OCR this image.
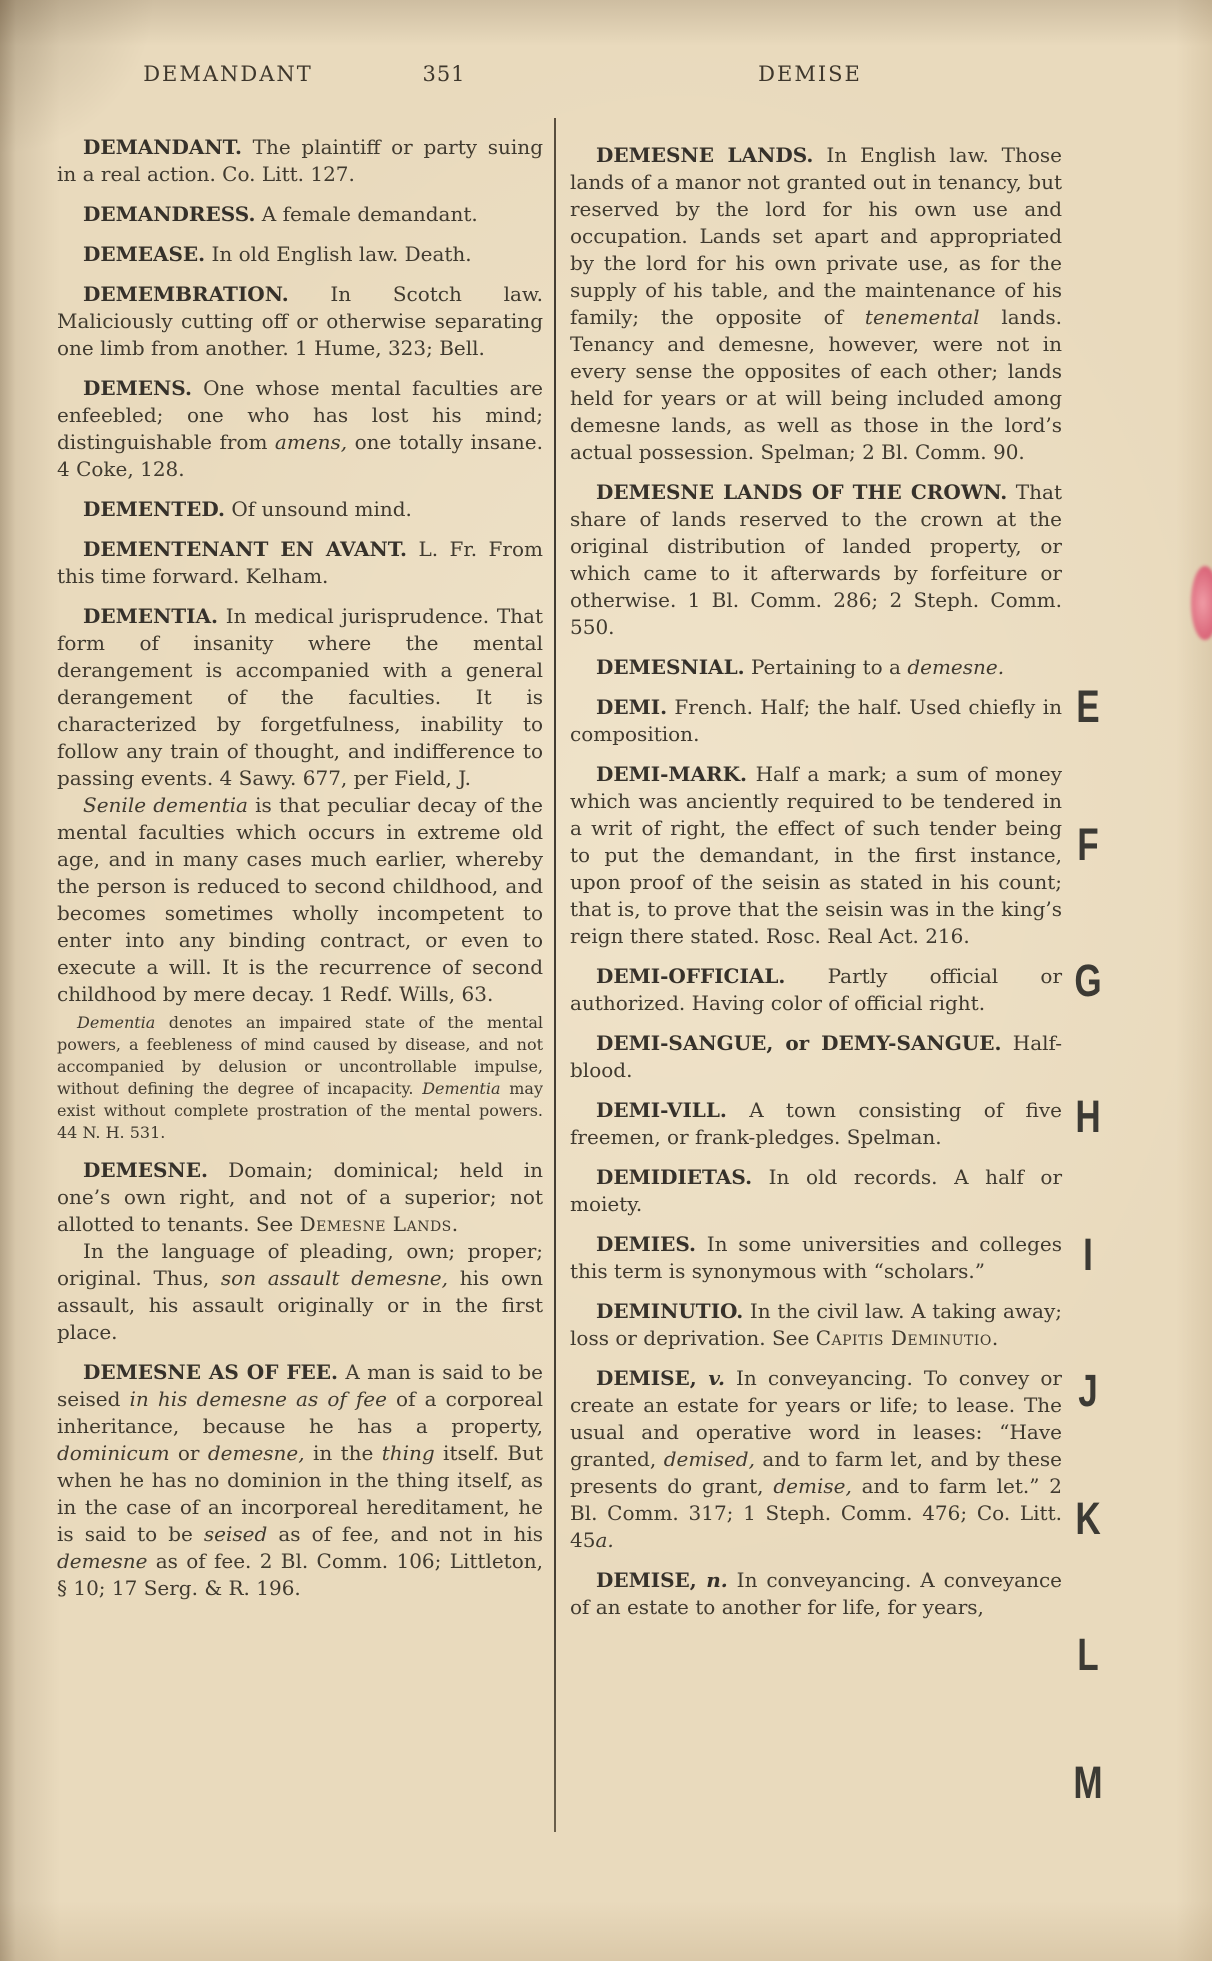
DEMANDANT	351	DEMISE

DEMANDANT. The plaintiff or party suing in a real action. Co. Litt. 127.

DEMANDRESS. A female demandant.

DEMEASE. In old English law. Death.

DEMEMBRATION. In Scotch law. Maliciously cutting off or otherwise separating one limb from another. 1 Hume, 323; Bell.

DEMENS. One whose mental faculties are enfeebled; one who has lost his mind; distinguishable from amens, one totally insane. 4 Coke, 128.

DEMENTED. Of unsound mind.

DEMENTENANT EN AVANT. L. Fr. From this time forward. Kelham.

DEMENTIA. In medical jurisprudence. That form of insanity where the mental derangement is accompanied with a general derangement of the faculties. It is characterized by forgetfulness, inability to follow any train of thought, and indifference to passing events. 4 Sawy. 677, per Field, J.

Senile dementia is that peculiar decay of the mental faculties which occurs in extreme old age, and in many cases much earlier, whereby the person is reduced to second childhood, and becomes sometimes wholly incompetent to enter into any binding contract, or even to execute a will. It is the recurrence of second childhood by mere decay. 1 Redf. Wills, 63.

Dementia denotes an impaired state of the mental powers, a feebleness of mind caused by disease, and not accompanied by delusion or uncontrollable impulse, without defining the degree of incapacity. Dementia may exist without complete prostration of the mental powers. 44 N. H. 531.

DEMESNE. Domain; dominical; held in one’s own right, and not of a superior; not allotted to tenants. See Demesne Lands.

In the language of pleading, own; proper; original. Thus, son assault demesne, his own assault, his assault originally or in the first place.

DEMESNE AS OF FEE. A man is said to be seised in his demesne as of fee of a corporeal inheritance, because he has a property, dominicum or demesne, in the thing itself. But when he has no dominion in the thing itself, as in the case of an incorporeal hereditament, he is said to be seised as of fee, and not in his demesne as of fee. 2 Bl. Comm. 106; Littleton, § 10; 17 Serg. & R. 196.

DEMESNE LANDS. In English law. Those lands of a manor not granted out in tenancy, but reserved by the lord for his own use and occupation. Lands set apart and appropriated by the lord for his own private use, as for the supply of his table, and the maintenance of his family; the opposite of tenemental lands. Tenancy and demesne, however, were not in every sense the opposites of each other; lands held for years or at will being included among demesne lands, as well as those in the lord’s actual possession. Spelman; 2 Bl. Comm. 90.

DEMESNE LANDS OF THE CROWN. That share of lands reserved to the crown at the original distribution of landed property, or which came to it afterwards by forfeiture or otherwise. 1 Bl. Comm. 286; 2 Steph. Comm. 550.

DEMESNIAL. Pertaining to a demesne.

DEMI. French. Half; the half. Used chiefly in composition.

DEMI-MARK. Half a mark; a sum of money which was anciently required to be tendered in a writ of right, the effect of such tender being to put the demandant, in the first instance, upon proof of the seisin as stated in his count; that is, to prove that the seisin was in the king’s reign there stated. Rosc. Real Act. 216.

DEMI-OFFICIAL. Partly official or authorized. Having color of official right.

DEMI-SANGUE, or DEMY-SANGUE. Half-blood.

DEMI-VILL. A town consisting of five freemen, or frank-pledges. Spelman.

DEMIDIETAS. In old records. A half or moiety.

DEMIES. In some universities and colleges this term is synonymous with “scholars.”

DEMINUTIO. In the civil law. A taking away; loss or deprivation. See Capitis Deminutio.

DEMISE, v. In conveyancing. To convey or create an estate for years or life; to lease. The usual and operative word in leases: “Have granted, demised, and to farm let, and by these presents do grant, demise, and to farm let.” 2 Bl. Comm. 317; 1 Steph. Comm. 476; Co. Litt. 45a.

DEMISE, n. In conveyancing. A conveyance of an estate to another for life, for years,

E
F
G
H
I
J
K
L
M
